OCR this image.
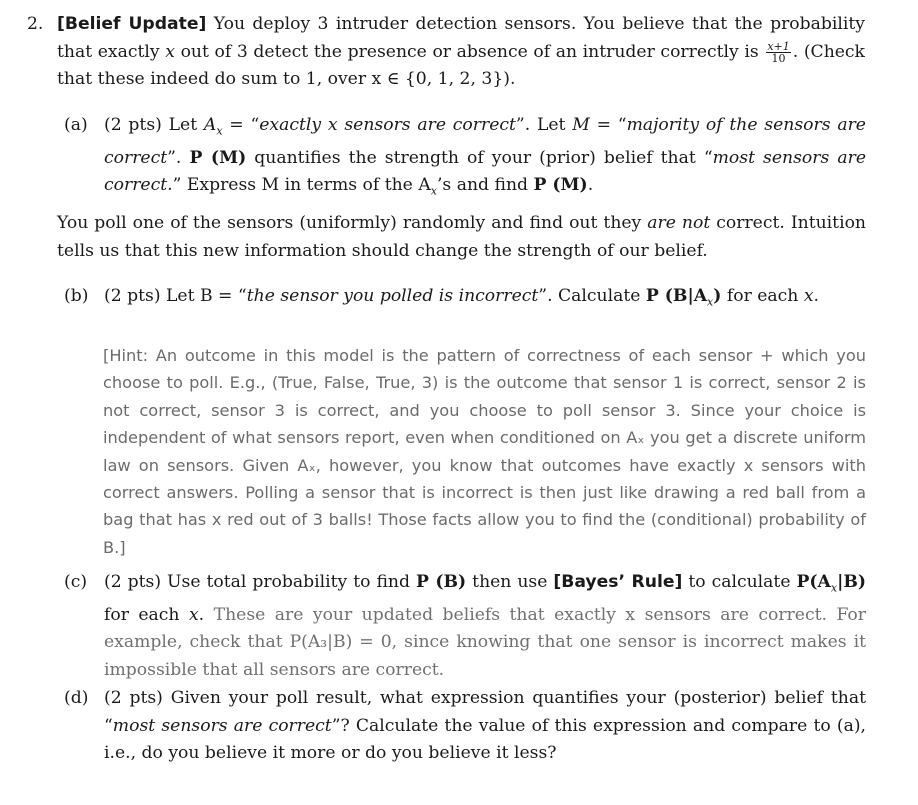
2. [Belief Update] You deploy 3 intruder detection sensors. You believe that the probability that exactly x out of 3 detect the presence or absence of an intruder correctly is $\frac{x+1}{10}$ . (Check that these indeed do sum to 1, over x ∈ {0, 1, 2, 3}).

(a) (2 pts) Let $A_x$ = “exactly x sensors are correct”. Let M = “majority of the sensors are correct”. P (M) quantifies the strength of your (prior) belief that “most sensors are correct.” Express M in terms of the $A_x’s$ and find P (M).

You poll one of the sensors (uniformly) randomly and find out they are not correct. Intuition tells us that this new information should change the strength of our belief.

(b) (2 pts) Let B = “the sensor you polled is incorrect”. Calculate P $(B|A_x)$ for each x.

[Hint: An outcome in this model is the pattern of correctness of each sensor + which you choose to poll. E.g., (True, False, True, 3) is the outcome that sensor 1 is correct, sensor 2 is not correct, sensor 3 is correct, and you choose to poll sensor 3. Since your choice is independent of what sensors report, even when conditioned on Aₓ you get a discrete uniform law on sensors. Given Aₓ, however, you know that outcomes have exactly x sensors with correct answers. Polling a sensor that is incorrect is then just like drawing a red ball from a bag that has x red out of 3 balls! Those facts allow you to find the (conditional) probability of B.]

(c) (2 pts) Use total probability to find P (B) then use [Bayes’ Rule] to calculate $P(A_x|B)$ for each x. These are your updated beliefs that exactly x sensors are correct. For example, check that P(A₃|B) = 0, since knowing that one sensor is incorrect makes it impossible that all sensors are correct.

(d) (2 pts) Given your poll result, what expression quantifies your (posterior) belief that “most sensors are correct”? Calculate the value of this expression and compare to (a), i.e., do you believe it more or do you believe it less?
